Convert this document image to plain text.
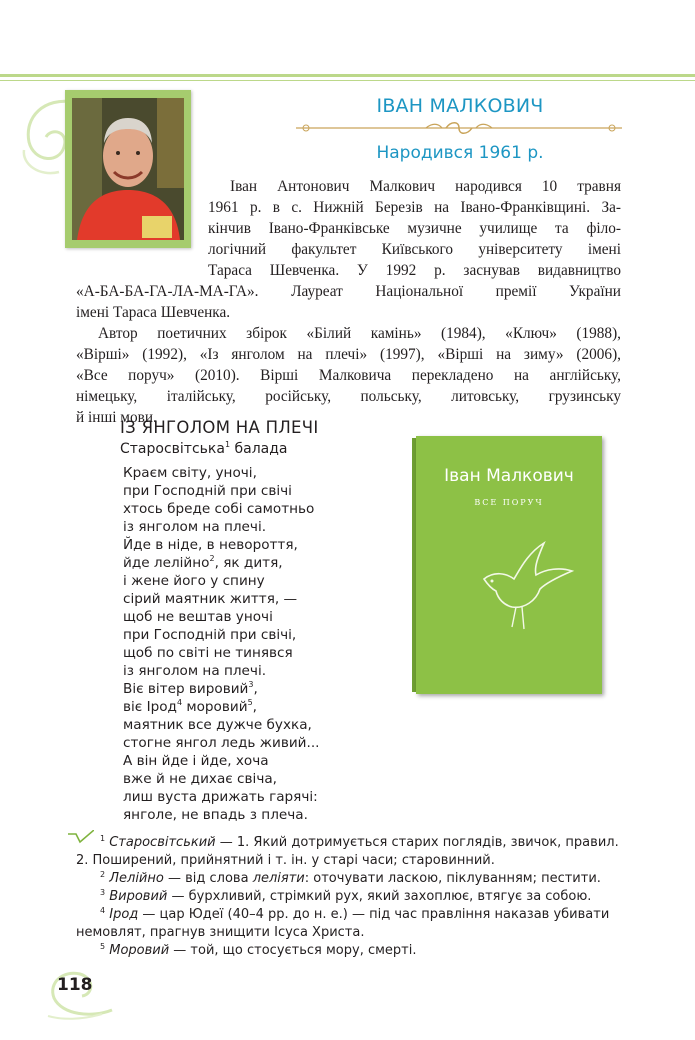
ІВАН МАЛКОВИЧ
Народився 1961 р.
Іван Антонович Малкович народився 10 травня
1961 р. в с. Нижній Березів на Івано-Франківщині. За-
кінчив Івано-Франківське музичне училище та філо-
логічний факультет Київського університету імені
Тараса Шевченка. У 1992 р. заснував видавництво
«А-БА-БА-ГА-ЛА-МА-ГА». Лауреат Національної премії України
імені Тараса Шевченка.
Автор поетичних збірок «Білий камінь» (1984), «Ключ» (1988),
«Вірші» (1992), «Із янголом на плечі» (1997), «Вірші на зиму» (2006),
«Все поруч» (2010). Вірші Малковича перекладено на англійську,
німецьку, італійську, російську, польську, литовську, грузинську
й інші мови.
ІЗ ЯНГОЛОМ НА ПЛЕЧІ
Старосвітська$^1$ балада
Краєм світу, уночі,
при Господній при свічі
хтось бреде собі самотньо
із янголом на плечі.
Йде в ніде, в невороття,
йде лелійно$^2$, як дитя,
і жене його у спину
сірий маятник життя, —
щоб не вештав уночі
при Господній при свічі,
щоб по світі не тинявся
із янголом на плечі.
Віє вітер вировий$^3$,
віє Ірод$^4$ моровий$^5$,
маятник все дужче бухка,
стогне янгол ледь живий...
А він йде і йде, хоча
вже й не дихає свіча,
лиш вуста дрижать гарячі:
янголе, не впадь з плеча.
Іван Малкович
ВСЕ ПОРУЧ
$^1$ Старосвітський — 1. Який дотримується старих поглядів, звичок, правил.
2. Поширений, прийнятний і т. ін. у старі часи; старовинний.
$^2$ Лелійно — від слова леліяти: оточувати ласкою, піклуванням; пестити.
$^3$ Вировий — бурхливий, стрімкий рух, який захоплює, втягує за собою.
$^4$ Ірод — цар Юдеї (40–4 рр. до н. е.) — під час правління наказав убивати
немовлят, прагнув знищити Ісуса Христа.
$^5$ Моровий — той, що стосується мору, смерті.
118
